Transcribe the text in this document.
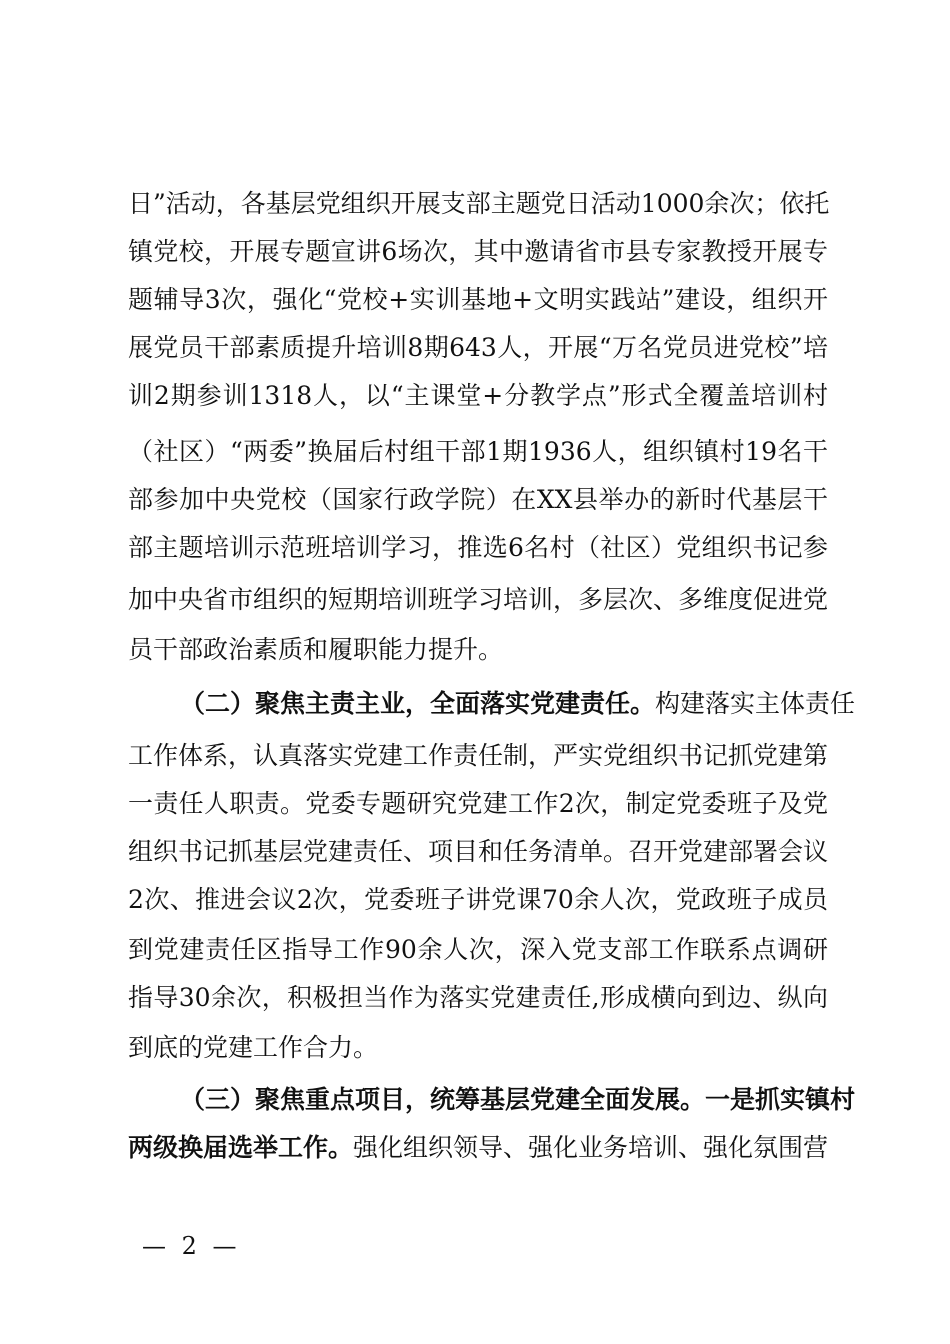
日”活动，各基层党组织开展支部主题党日活动1000余次；依托
镇党校，开展专题宣讲6场次，其中邀请省市县专家教授开展专
题辅导3次，强化“党校+实训基地+文明实践站”建设，组织开
展党员干部素质提升培训8期643人，开展“万名党员进党校”培
训2期参训1318人，以“主课堂+分教学点”形式全覆盖培训村
（社区）“两委”换届后村组干部1期1936人，组织镇村19名干
部参加中央党校（国家行政学院）在XX县举办的新时代基层干
部主题培训示范班培训学习，推选6名村（社区）党组织书记参
加中央省市组织的短期培训班学习培训，多层次、多维度促进党
员干部政治素质和履职能力提升。
（二）聚焦主责主业，全面落实党建责任。构建落实主体责任
工作体系，认真落实党建工作责任制，严实党组织书记抓党建第
一责任人职责。党委专题研究党建工作2次，制定党委班子及党
组织书记抓基层党建责任、项目和任务清单。召开党建部署会议
2次、推进会议2次，党委班子讲党课70余人次，党政班子成员
到党建责任区指导工作90余人次，深入党支部工作联系点调研
指导30余次，积极担当作为落实党建责任,形成横向到边、纵向
到底的党建工作合力。
（三）聚焦重点项目，统筹基层党建全面发展。一是抓实镇村
两级换届选举工作。强化组织领导、强化业务培训、强化氛围营
— 2 —
